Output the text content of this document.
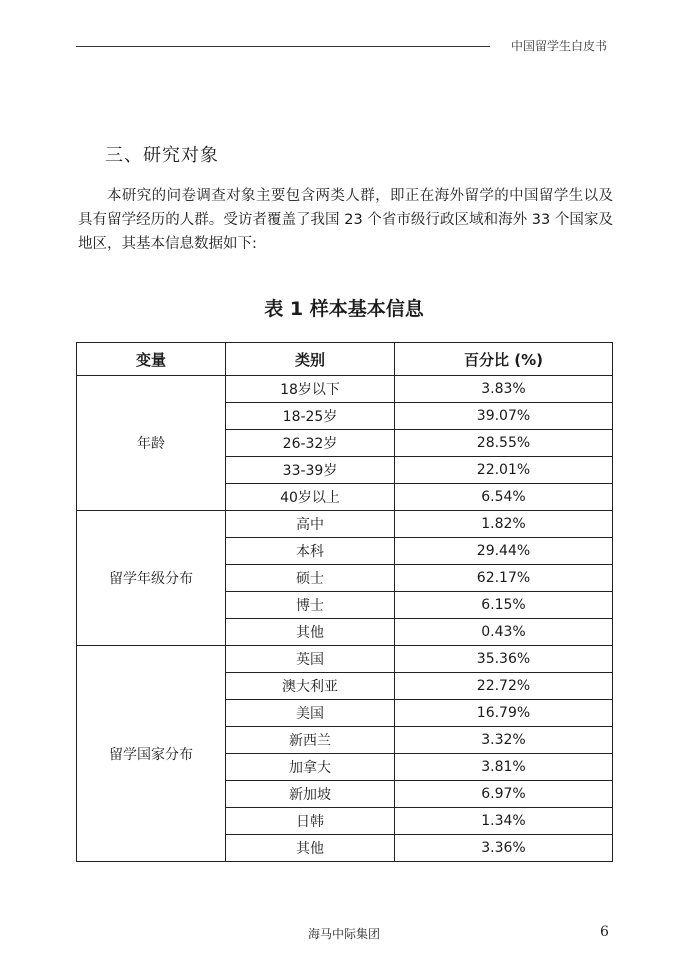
中国留学生白皮书
三、研究对象

本研究的问卷调查对象主要包含两类人群，即正在海外留学的中国留学生以及具有留学经历的人群。受访者覆盖了我国 23 个省市级行政区域和海外 33 个国家及地区，其基本信息数据如下:

表 1 样本基本信息
变量	类别	百分比 (%)
年龄	18岁以下	3.83%
	18-25岁	39.07%
	26-32岁	28.55%
	33-39岁	22.01%
	40岁以上	6.54%
留学年级分布	高中	1.82%
	本科	29.44%
	硕士	62.17%
	博士	6.15%
	其他	0.43%
留学国家分布	英国	35.36%
	澳大利亚	22.72%
	美国	16.79%
	新西兰	3.32%
	加拿大	3.81%
	新加坡	6.97%
	日韩	1.34%
	其他	3.36%
海马中际集团	6
